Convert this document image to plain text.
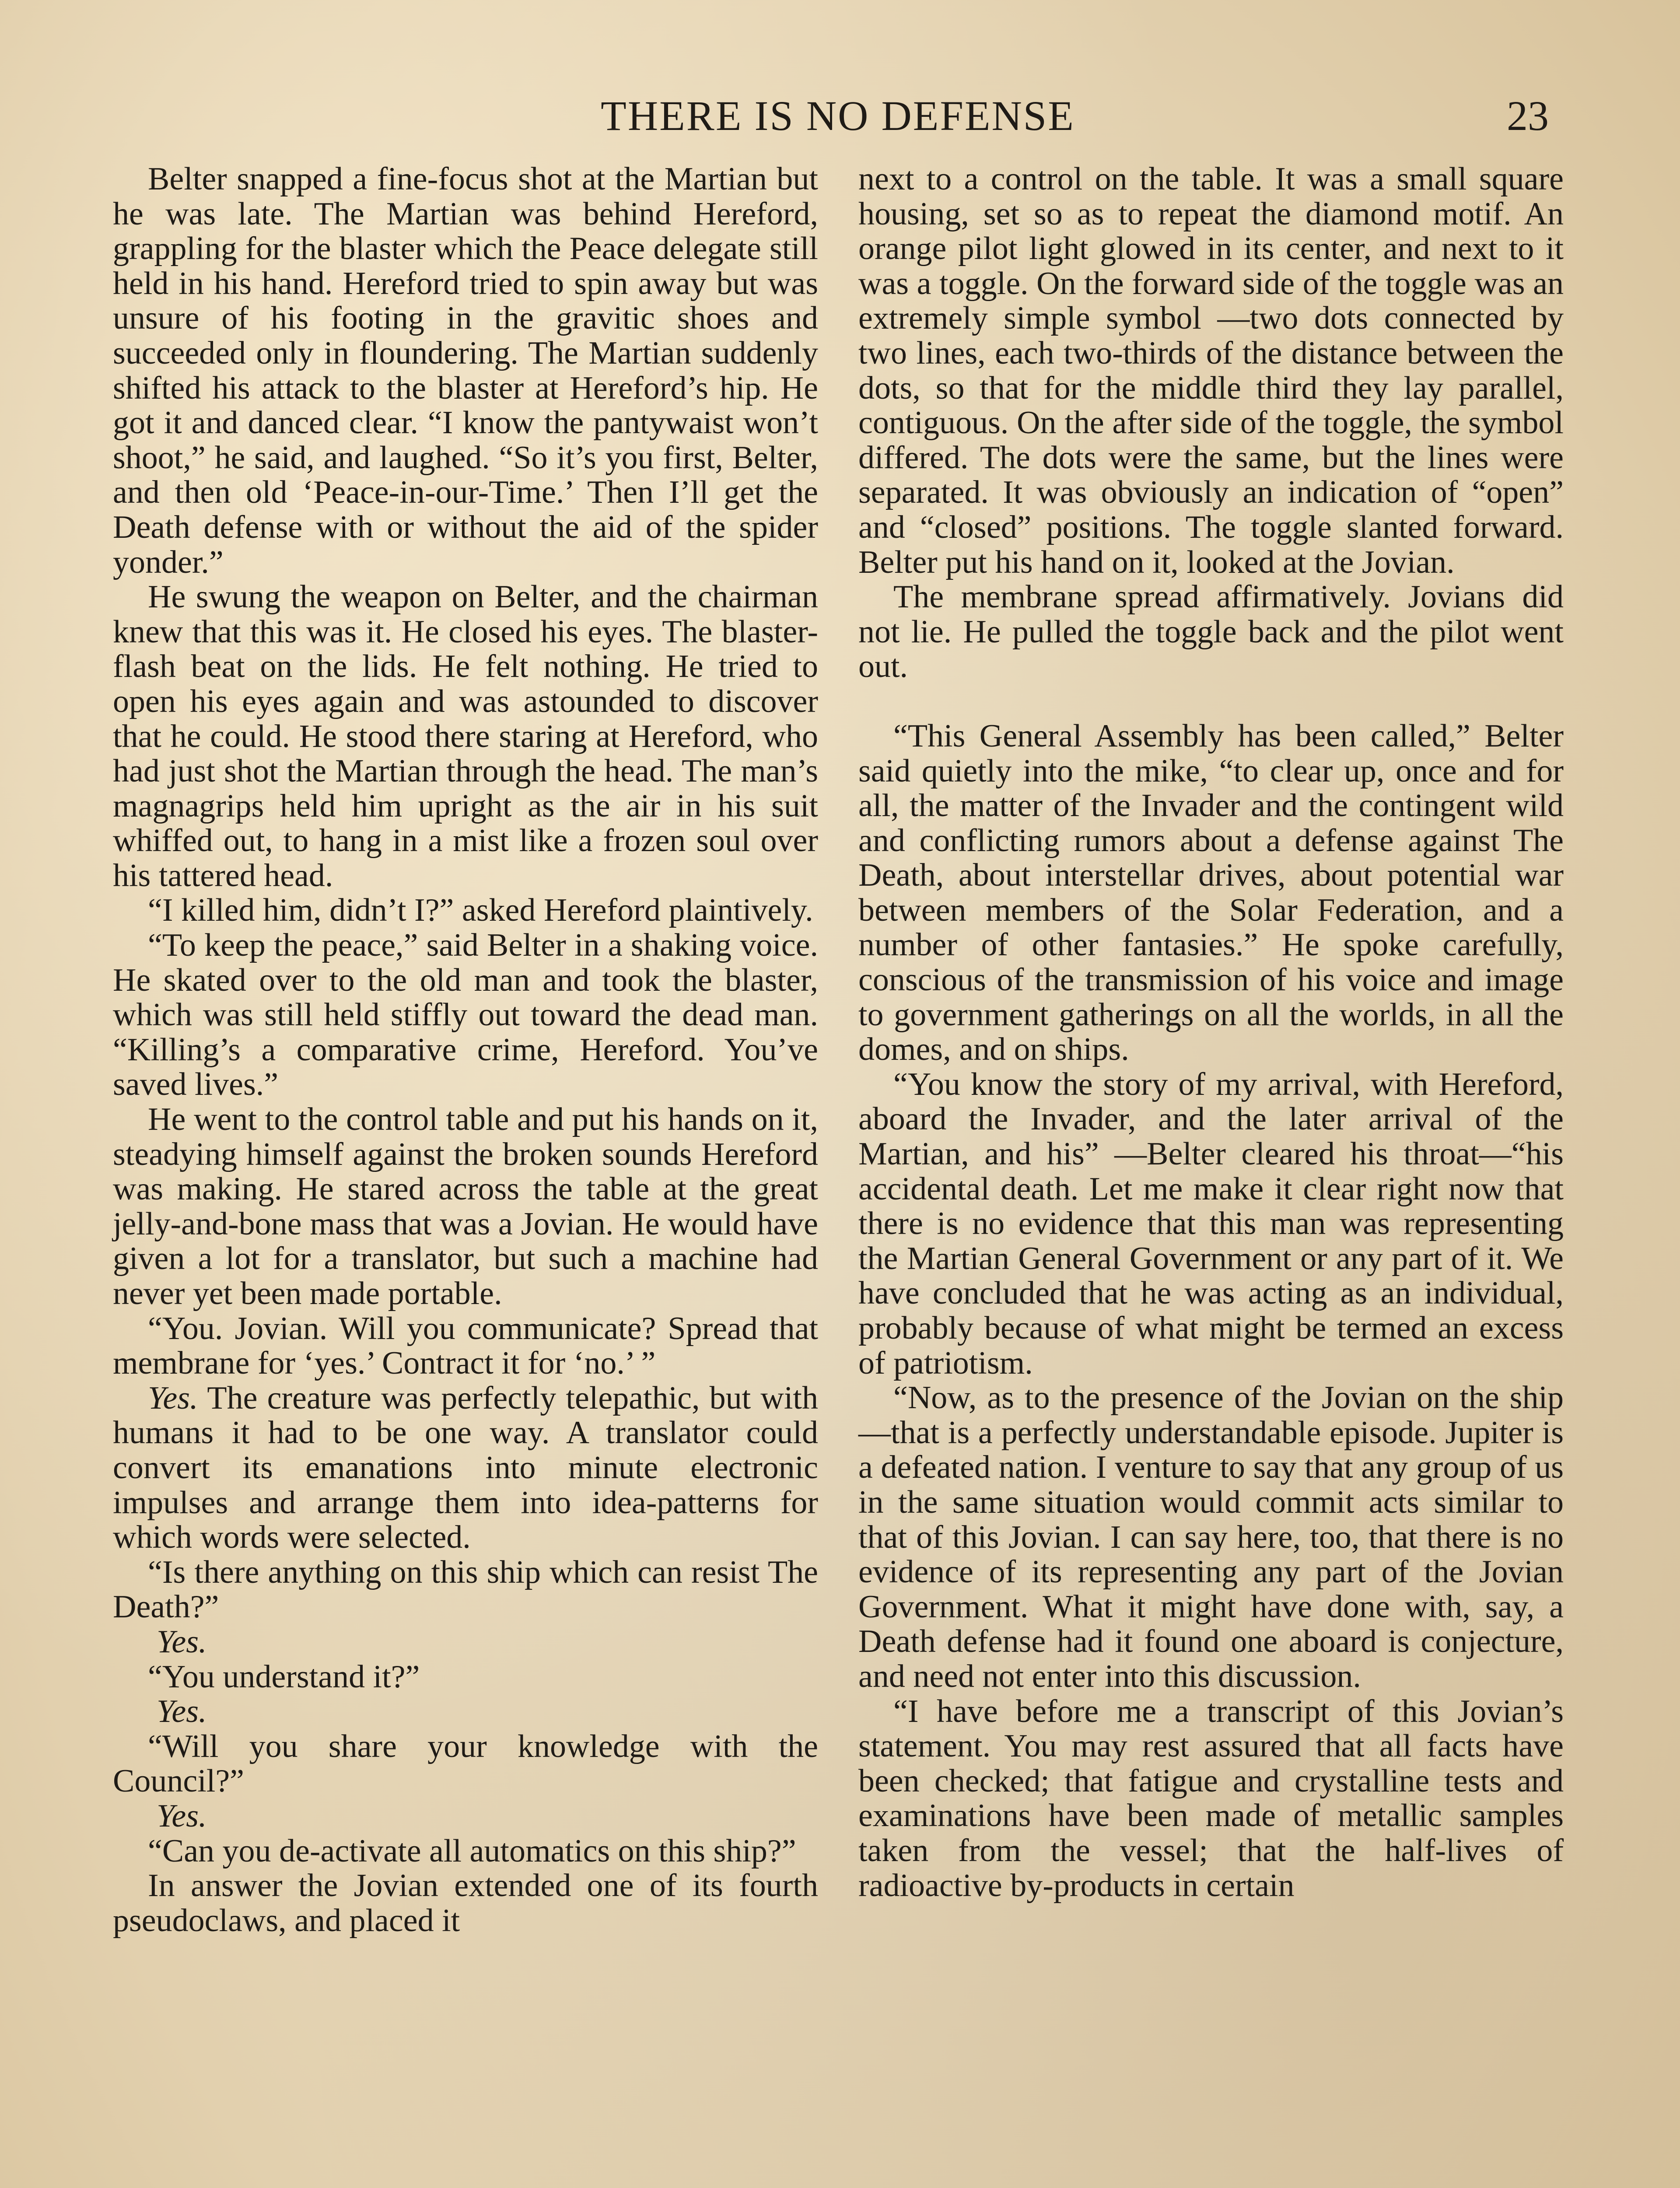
THERE IS NO DEFENSE	23

Belter snapped a fine-focus shot at the Martian but he was late. The Martian was behind Hereford, grappling for the blaster which the Peace delegate still held in his hand. Hereford tried to spin away but was unsure of his footing in the gravitic shoes and succeeded only in floundering. The Martian suddenly shifted his attack to the blaster at Hereford’s hip. He got it and danced clear. “I know the pantywaist won’t shoot,” he said, and laughed. “So it’s you first, Belter, and then old ‘Peace-in-our-Time.’ Then I’ll get the Death defense with or without the aid of the spider yonder.”

He swung the weapon on Belter, and the chairman knew that this was it. He closed his eyes. The blaster-flash beat on the lids. He felt nothing. He tried to open his eyes again and was astounded to discover that he could. He stood there staring at Hereford, who had just shot the Martian through the head. The man’s magnagrips held him upright as the air in his suit whiffed out, to hang in a mist like a frozen soul over his tattered head.

“I killed him, didn’t I?” asked Hereford plaintively.

“To keep the peace,” said Belter in a shaking voice. He skated over to the old man and took the blaster, which was still held stiffly out toward the dead man. “Killing’s a comparative crime, Hereford. You’ve saved lives.”

He went to the control table and put his hands on it, steadying himself against the broken sounds Hereford was making. He stared across the table at the great jelly-and-bone mass that was a Jovian. He would have given a lot for a translator, but such a machine had never yet been made portable.

“You. Jovian. Will you communicate? Spread that membrane for ‘yes.’ Contract it for ‘no.’ ”

Yes. The creature was perfectly telepathic, but with humans it had to be one way. A translator could convert its emanations into minute electronic impulses and arrange them into idea-patterns for which words were selected.

“Is there anything on this ship which can resist The Death?”

Yes.

“You understand it?”

Yes.

“Will you share your knowledge with the Council?”

Yes.

“Can you de-activate all automatics on this ship?”

In answer the Jovian extended one of its fourth pseudoclaws, and placed it

next to a control on the table. It was a small square housing, set so as to repeat the diamond motif. An orange pilot light glowed in its center, and next to it was a toggle. On the forward side of the toggle was an extremely simple symbol —two dots connected by two lines, each two-thirds of the distance between the dots, so that for the middle third they lay parallel, contiguous. On the after side of the toggle, the symbol differed. The dots were the same, but the lines were separated. It was obviously an indication of “open” and “closed” positions. The toggle slanted forward. Belter put his hand on it, looked at the Jovian.

The membrane spread affirmatively. Jovians did not lie. He pulled the toggle back and the pilot went out.

“This General Assembly has been called,” Belter said quietly into the mike, “to clear up, once and for all, the matter of the Invader and the contingent wild and conflicting rumors about a defense against The Death, about interstellar drives, about potential war between members of the Solar Federation, and a number of other fantasies.” He spoke carefully, conscious of the transmission of his voice and image to government gatherings on all the worlds, in all the domes, and on ships.

“You know the story of my arrival, with Hereford, aboard the Invader, and the later arrival of the Martian, and his” —Belter cleared his throat—“his accidental death. Let me make it clear right now that there is no evidence that this man was representing the Martian General Government or any part of it. We have concluded that he was acting as an individual, probably because of what might be termed an excess of patriotism.

“Now, as to the presence of the Jovian on the ship—that is a perfectly understandable episode. Jupiter is a defeated nation. I venture to say that any group of us in the same situation would commit acts similar to that of this Jovian. I can say here, too, that there is no evidence of its representing any part of the Jovian Government. What it might have done with, say, a Death defense had it found one aboard is conjecture, and need not enter into this discussion.

“I have before me a transcript of this Jovian’s statement. You may rest assured that all facts have been checked; that fatigue and crystalline tests and examinations have been made of metallic samples taken from the vessel; that the half-lives of radioactive by-products in certain
